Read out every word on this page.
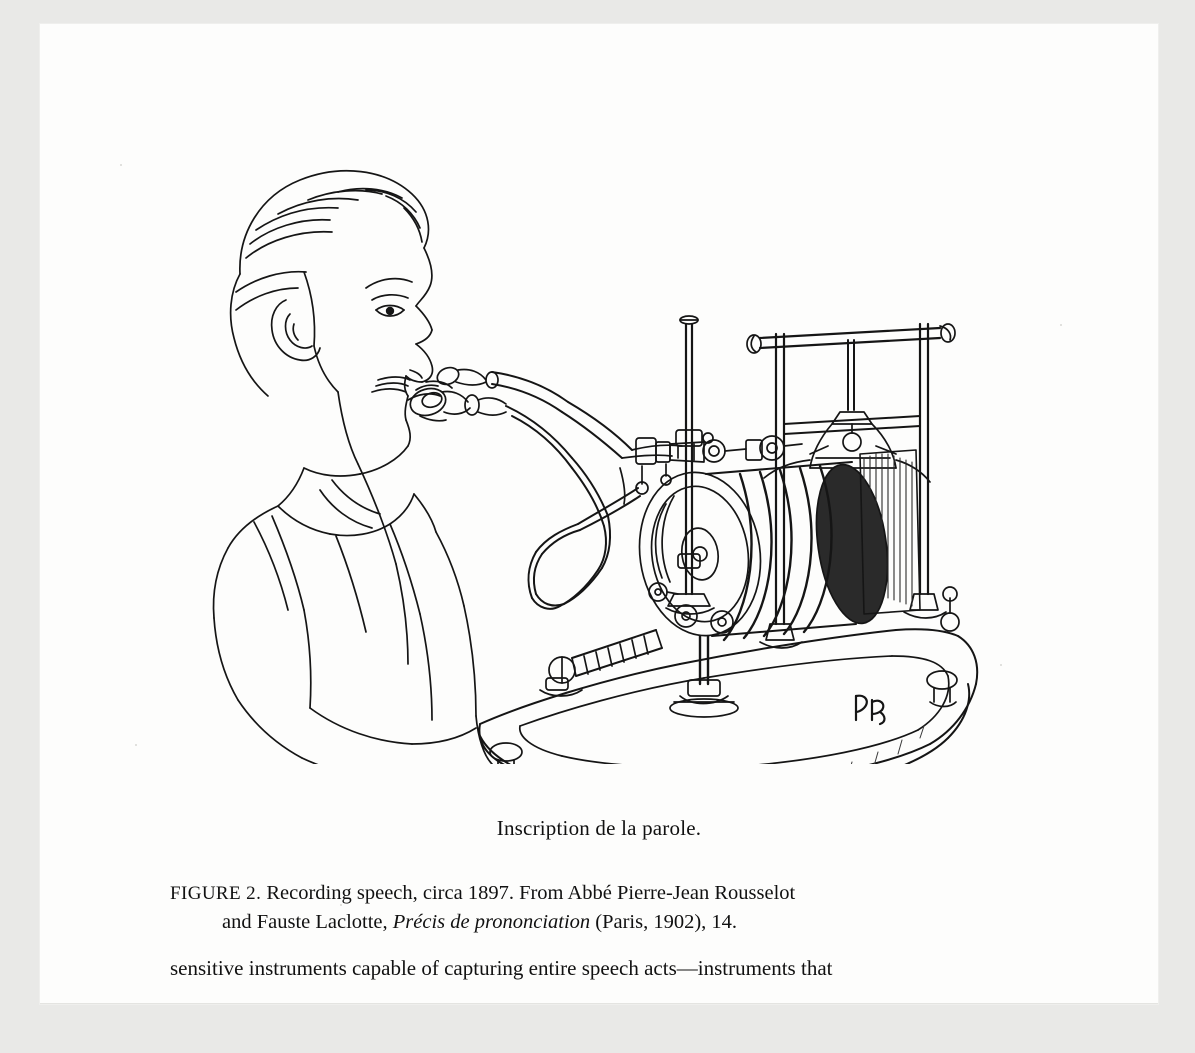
Inscription de la parole.
FIGURE 2. Recording speech, circa 1897. From Abbé Pierre-Jean Rousselot
and Fauste Laclotte, Précis de prononciation (Paris, 1902), 14.
sensitive instruments capable of capturing entire speech acts—instruments that
